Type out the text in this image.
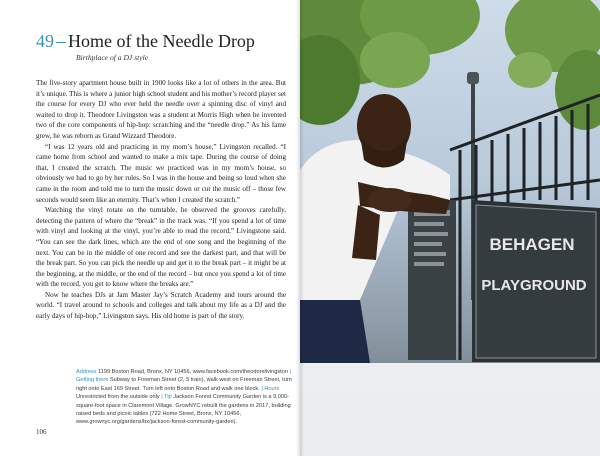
49 Home of the Needle Drop
Birthplace of a DJ style

The five-story apartment house built in 1900 looks like a lot of others in the area. But it’s unique. This is where a junior high school student and his mother’s record player set the course for every DJ who ever held the needle over a spinning disc of vinyl and waited to drop it. Theodore Livingston was a student at Morris High when he invented two of the core components of hip-hop: scratching and the “needle drop.” As his fame grew, he was reborn as Grand Wizzard Theodore.

“I was 12 years old and practicing in my mom’s house,” Livingston recalled. “I came home from school and wanted to make a mix tape. During the course of doing that, I created the scratch. The music we practiced was in my mom’s house, so obviously we had to go by her rules. So I was in the house and being so loud when she came in the room and told me to turn the music down or cut the music off – those few seconds would seem like an eternity. That’s when I created the scratch.”

Watching the vinyl rotate on the turntable, he observed the grooves carefully, detecting the pattern of where the “break” in the track was. “If you spend a lot of time with vinyl and looking at the vinyl, you’re able to read the record,” Livingstone said. “You can see the dark lines, which are the end of one song and the beginning of the next. You can be in the middle of one record and see the darkest part, and that will be the break part. So you can pick the needle up and get it to the break part – it might be at the beginning, at the middle, or the end of the record – but once you spend a lot of time with the record, you get to know where the breaks are.”

Now he teaches DJs at Jam Master Jay’s Scratch Academy and tours around the world. “I travel around to schools and colleges and talk about my life as a DJ and the early days of hip-hop,” Livingston says. His old home is part of the story.

106
BEHAGEN
PLAYGROUND
Address 1199 Boston Road, Bronx, NY 10456, www.facebook.com/theodorelivingston | Getting there Subway to Freeman Street (2, 5 train), walk west on Freeman Street, turn right onto East 169 Street. Turn left onto Boston Road and walk one block. | Hours Unrestricted from the outside only | Tip Jackson Forest Community Garden is a 9,000-square-foot space in Claremont Village. GrowNYC rebuilt the gardens in 2017, building raised beds and picnic tables (722 Home Street, Bronx, NY 10456, www.grownyc.org/gardens/bx/jackson-forest-community-garden).
